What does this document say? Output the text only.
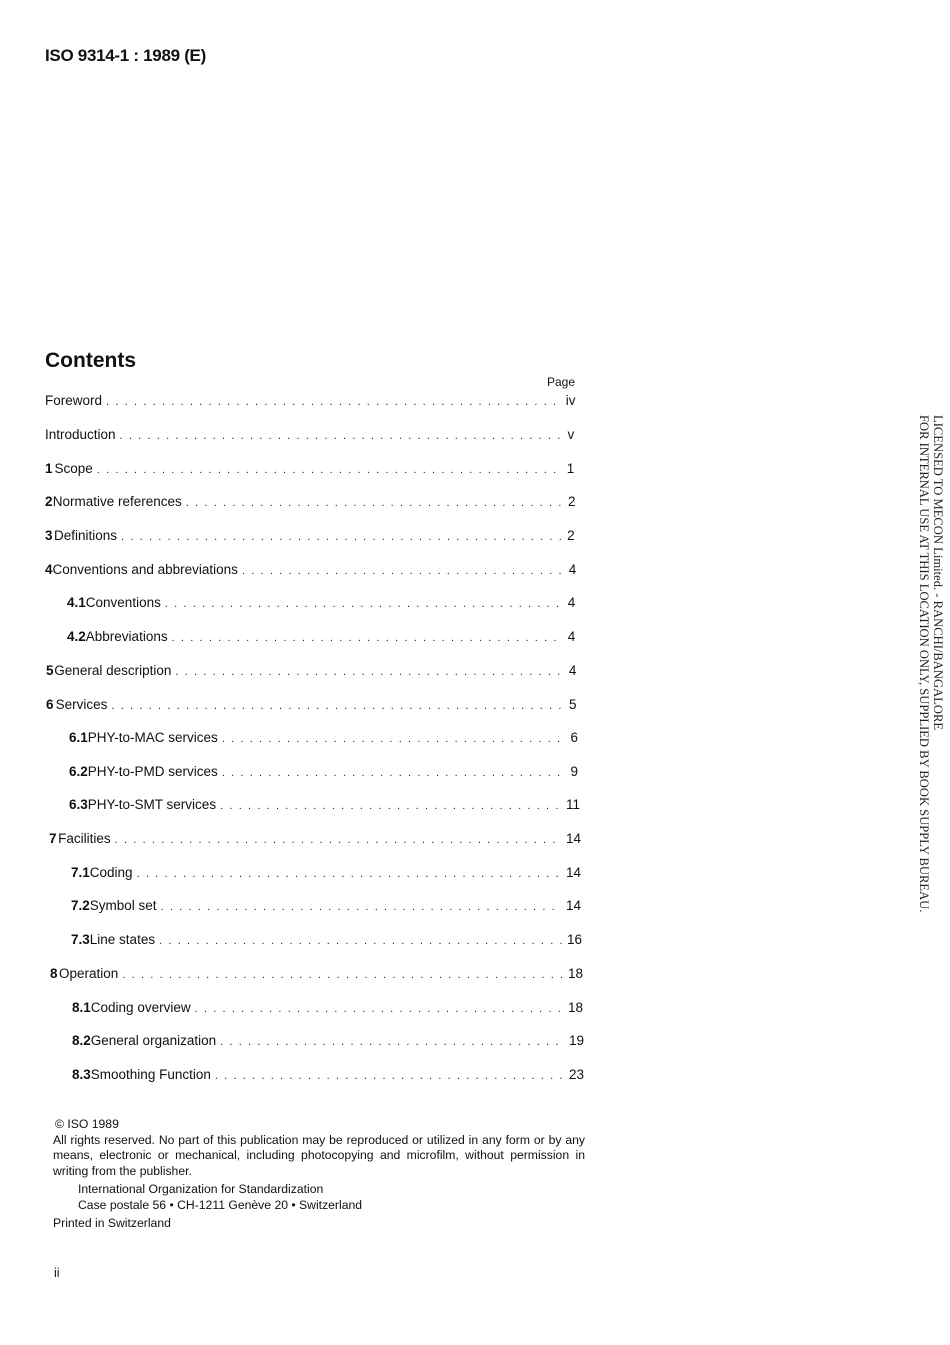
ISO 9314-1 : 1989 (E)
Contents
Page
Foreword . . .	iv
Introduction . . .	v
1 Scope . . .	1
2 Normative references . . .	2
3 Definitions . . .	2
4 Conventions and abbreviations . . .	4
4.1 Conventions . . .	4
4.2 Abbreviations . . .	4
5 General description . . .	4
6 Services . . .	5
6.1 PHY-to-MAC services . . .	6
6.2 PHY-to-PMD services . . .	9
6.3 PHY-to-SMT services . . .	11
7 Facilities . . .	14
7.1 Coding . . .	14
7.2 Symbol set . . .	14
7.3 Line states . . .	16
8 Operation . . .	18
8.1 Coding overview . . .	18
8.2 General organization . . .	19
8.3 Smoothing Function . . .	23

© ISO 1989

All rights reserved. No part of this publication may be reproduced or utilized in any form or by any means, electronic or mechanical, including photocopying and microfilm, without permission in writing from the publisher.

International Organization for Standardization

Case postale 56 • CH-1211 Genève 20 • Switzerland

Printed in Switzerland

ii
LICENSED TO MECON Limited. - RANCHI/BANGALORE
FOR INTERNAL USE AT THIS LOCATION ONLY, SUPPLIED BY BOOK SUPPLY BUREAU.
